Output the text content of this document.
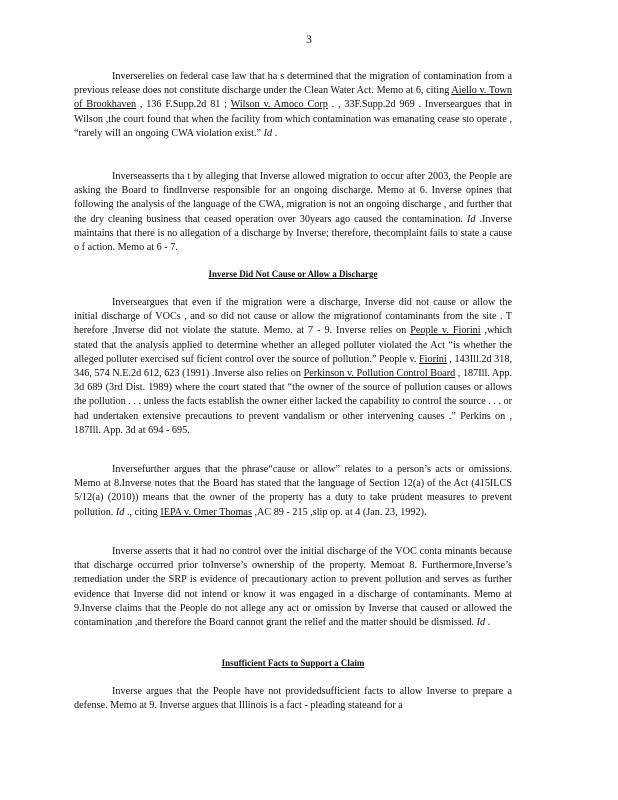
3

Inverserelies on federal case law that ha s determined that the migration of contamination from a previous release does not constitute discharge under the Clean Water Act. Memo at 6, citing Aiello v. Town of Brookhaven , 136 F.Supp.2d 81 ; Wilson v. Amoco Corp . , 33F.Supp.2d 969 . Inverseargues that in Wilson ,the court found that when the facility from which contamination was emanating cease sto operate , “rarely will an ongoing CWA violation exist.” Id .

Inverseasserts tha t by alleging that Inverse allowed migration to occur after 2003, the People are asking the Board to findInverse responsible for an ongoing discharge. Memo at 6. Inverse opines that following the analysis of the language of the CWA, migration is not an ongoing discharge , and further that the dry cleaning business that ceased operation over 30years ago caused the contamination. Id .Inverse maintains that there is no allegation of a discharge by Inverse; therefore, thecomplaint fails to state a cause o f action. Memo at 6 - 7.

Inverse Did Not Cause or Allow a Discharge

Inverseargues that even if the migration were a discharge, Inverse did not cause or allow the initial discharge of VOCs , and so did not cause or allow the migrationof contaminants from the site . T herefore ,Inverse did not violate the statute. Memo. at 7 - 9. Inverse relies on People v. Fiorini ,which stated that the analysis applied to determine whether an alleged polluter violated the Act “is whether the alleged polluter exercised suf ficient control over the source of pollution.” People v. Fiorini , 143Ill.2d 318, 346, 574 N.E.2d 612, 623 (1991) .Inverse also relies on Perkinson v. Pollution Control Board , 187Ill. App. 3d 689 (3rd Dist. 1989) where the court stated that “the owner of the source of pollution causes or allows the pollution . . . unless the facts establish the owner either lacked the capability to control the source . . . or had undertaken extensive precautions to prevent vandalism or other intervening causes .” Perkins on , 187Ill. App. 3d at 694 - 695.

Inversefurther argues that the phrase“cause or allow” relates to a person’s acts or omissions. Memo at 8.Inverse notes that the Board has stated that the language of Section 12(a) of the Act (415ILCS 5/12(a) (2010)) means that the owner of the property has a duty to take prudent measures to prevent pollution. Id ., citing IEPA v. Omer Thomas ,AC 89 - 215 ,slip op. at 4 (Jan. 23, 1992).

Inverse asserts that it had no control over the initial discharge of the VOC conta minants because that discharge occurred prior toInverse’s ownership of the property. Memoat 8. Furthermore,Inverse’s remediation under the SRP is evidence of precautionary action to prevent pollution and serves as further evidence that Inverse did not intend or know it was engaged in a discharge of contaminants. Memo at 9.Inverse claims that the People do not allege any act or omission by Inverse that caused or allowed the contamination ,and therefore the Board cannot grant the relief and the matter should be dismissed. Id .

Insufficient Facts to Support a Claim

Inverse argues that the People have not providedsufficient facts to allow Inverse to prepare a defense. Memo at 9. Inverse argues that Illinois is a fact - pleading stateand for a
